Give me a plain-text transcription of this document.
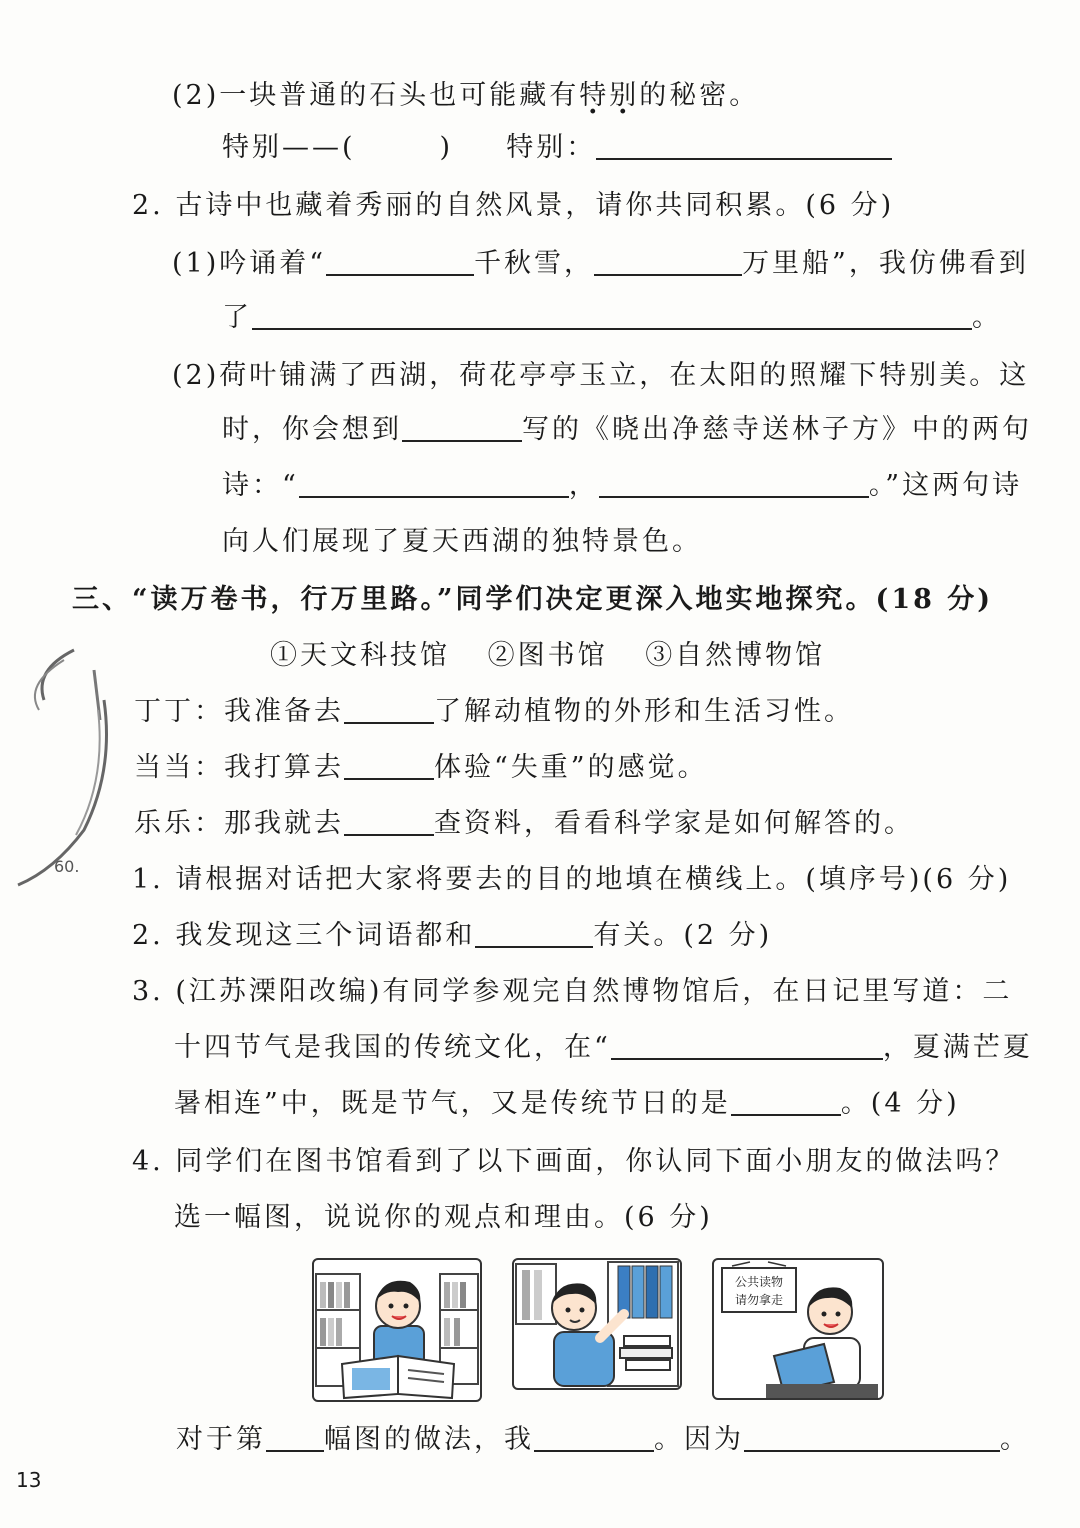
60.
(2)一块普通的石头也可能藏有特别的秘密。
特别——(	) 特别：
2. 古诗中也藏着秀丽的自然风景，请你共同积累。(6 分)
(1)吟诵着“	千秋雪，	万里船”，我仿佛看到
了	。
(2)荷叶铺满了西湖，荷花亭亭玉立，在太阳的照耀下特别美。这
时，你会想到	写的《晓出净慈寺送林子方》中的两句
诗：“	，	。”这两句诗
向人们展现了夏天西湖的独特景色。
三、“读万卷书，行万里路。”同学们决定更深入地实地探究。(18 分)
①天文科技馆 ②图书馆 ③自然博物馆
丁丁：我准备去	了解动植物的外形和生活习性。
当当：我打算去	体验“失重”的感觉。
乐乐：那我就去	查资料，看看科学家是如何解答的。
1. 请根据对话把大家将要去的目的地填在横线上。(填序号)(6 分)
2. 我发现这三个词语都和	有关。(2 分)
3. (江苏溧阳改编)有同学参观完自然博物馆后，在日记里写道：二
十四节气是我国的传统文化，在“	，夏满芒夏
暑相连”中，既是节气，又是传统节日的是	。(4 分)
4. 同学们在图书馆看到了以下画面，你认同下面小朋友的做法吗？
选一幅图，说说你的观点和理由。(6 分)
公共读物
请勿拿走
对于第 幅图的做法，我	。因为	。
13
